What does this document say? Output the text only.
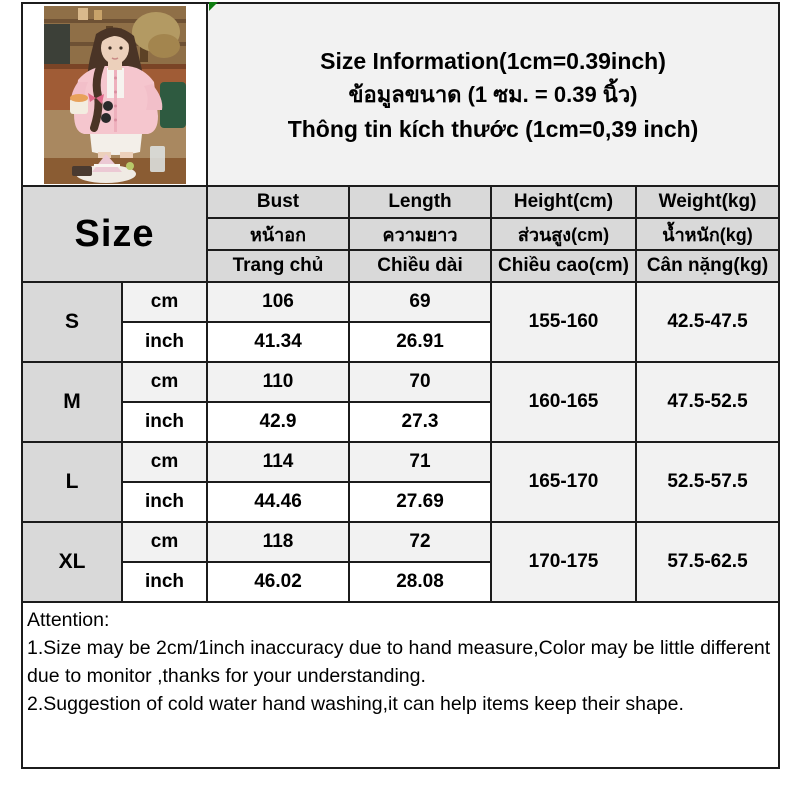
Size Information(1cm=0.39inch)
ข้อมูลขนาด (1 ซม. = 0.39 นิ้ว)
Thông tin kích thước (1cm=0,39 inch)			

Size		Bust	Length	Height(cm)	Weight(kg)
		หน้าอก	ความยาว	ส่วนสูง(cm)	น้ำหนัก(kg)
		Trang chủ	Chiều dài	Chiều cao(cm)	Cân nặng(kg)
S	cm	106	69	155-160	42.5-47.5
	inch	41.34	26.91		
M	cm	110	70	160-165	47.5-52.5
	inch	42.9	27.3		
L	cm	114	71	165-170	52.5-57.5
	inch	44.46	27.69		
XL	cm	118	72	170-175	57.5-62.5
	inch	46.02	28.08		

Attention:
1.Size may be 2cm/1inch inaccuracy due to hand measure,Color may be little different due to monitor ,thanks for your understanding.
2.Suggestion of cold water hand washing,it can help items keep their shape.					
